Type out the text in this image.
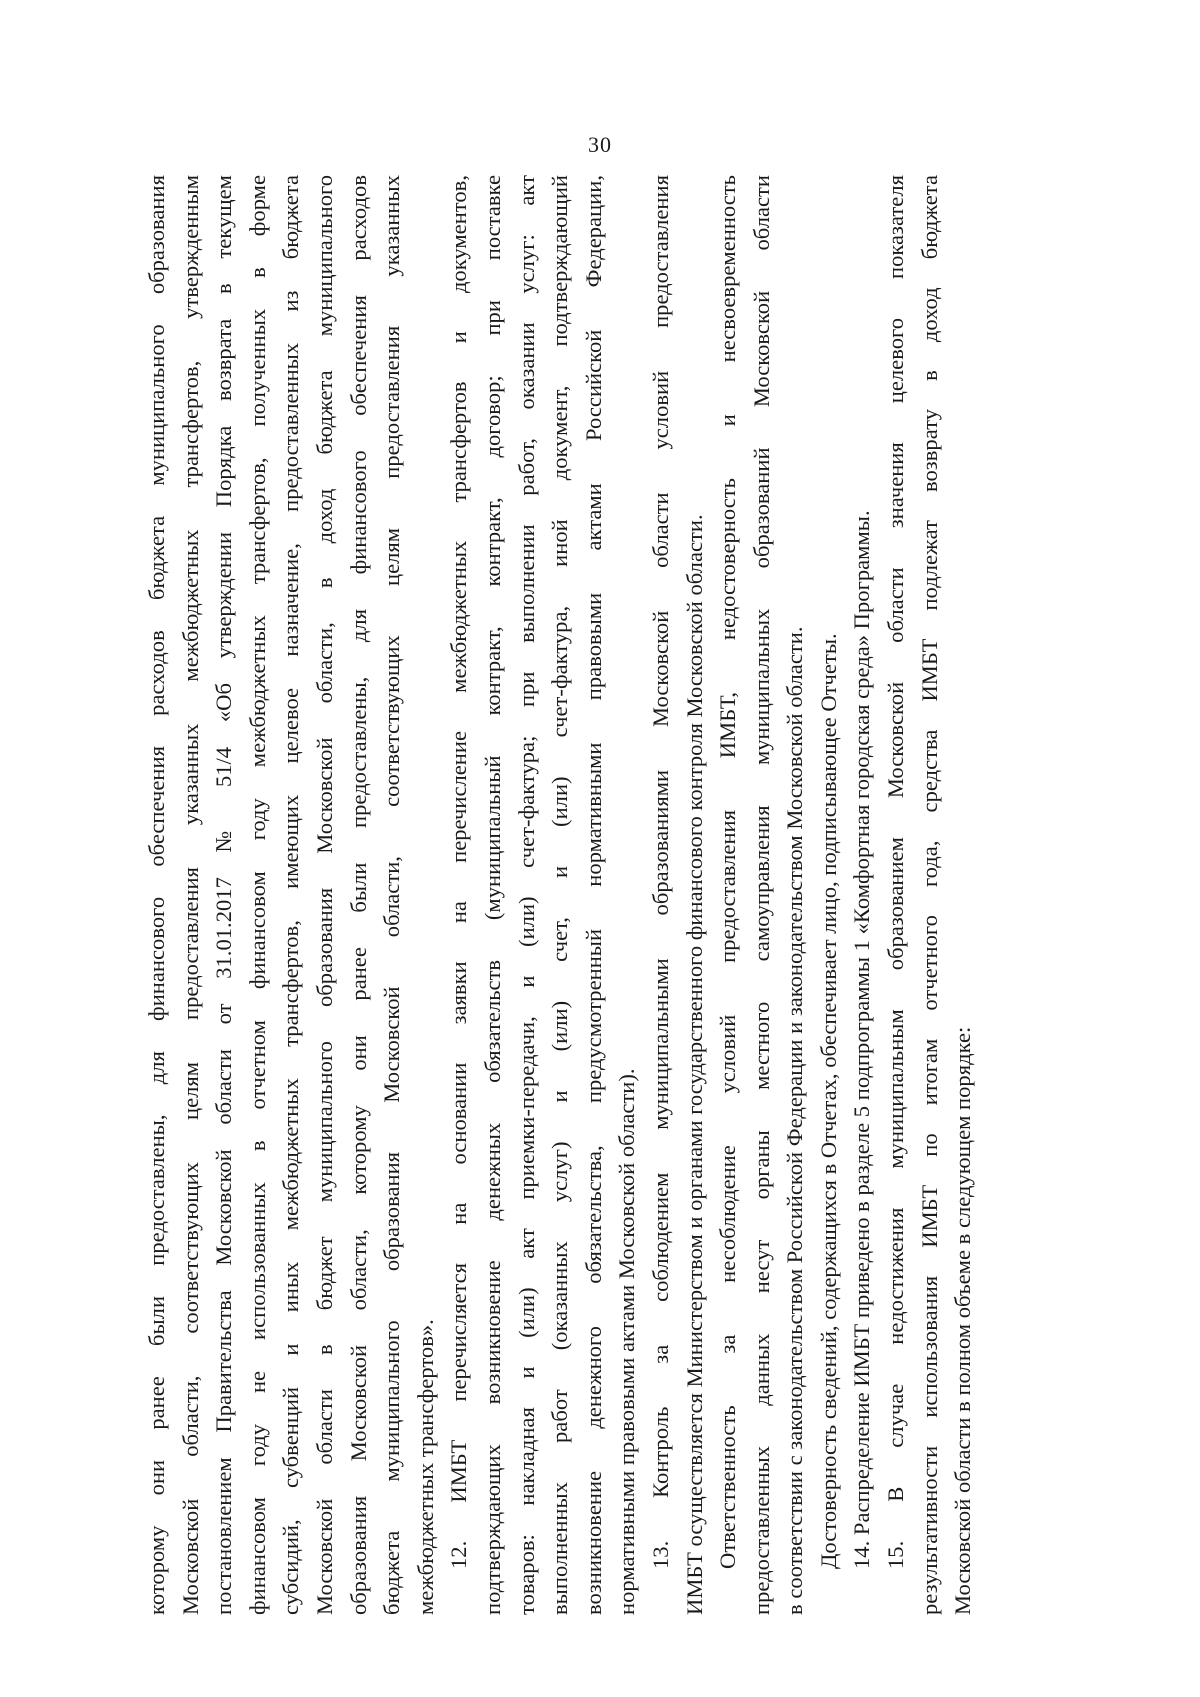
30
которому они ранее были предоставлены, для финансового обеспечения расходов бюджета муниципального образования Московской области, соответствующих целям предоставления указанных межбюджетных трансфертов, утвержденным постановлением Правительства Московской области от 31.01.2017 № 51/4 «Об утверждении Порядка возврата в текущем финансовом году не использованных в отчетном финансовом году межбюджетных трансфертов, полученных в форме субсидий, субвенций и иных межбюджетных трансфертов, имеющих целевое назначение, предоставленных из бюджета Московской области в бюджет муниципального образования Московской области, в доход бюджета муниципального образования Московской области, которому они ранее были предоставлены, для финансового обеспечения расходов бюджета муниципального образования Московской области, соответствующих целям предоставления указанных межбюджетных трансфертов». 12. ИМБТ перечисляется на основании заявки на перечисление межбюджетных трансфертов и документов, подтверждающих возникновение денежных обязательств (муниципальный контракт, контракт, договор; при поставке товаров: накладная и (или) акт приемки-передачи, и (или) счет-фактура; при выполнении работ, оказании услуг: акт выполненных работ (оказанных услуг) и (или) счет, и (или) счет-фактура, иной документ, подтверждающий возникновение денежного обязательства, предусмотренный нормативными правовыми актами Российской Федерации, нормативными правовыми актами Московской области). 13. Контроль за соблюдением муниципальными образованиями Московской области условий предоставления ИМБТ осуществляется Министерством и органами государственного финансового контроля Московской области. Ответственность за несоблюдение условий предоставления ИМБТ, недостоверность и несвоевременность предоставленных данных несут органы местного самоуправления муниципальных образований Московской области в соответствии с законодательством Российской Федерации и законодательством Московской области. Достоверность сведений, содержащихся в Отчетах, обеспечивает лицо, подписывающее Отчеты. 14. Распределение ИМБТ приведено в разделе 5 подпрограммы 1 «Комфортная городская среда» Программы. 15. В случае недостижения муниципальным образованием Московской области значения целевого показателя результативности использования ИМБТ по итогам отчетного года, средства ИМБТ подлежат возврату в доход бюджета Московской области в полном объеме в следующем порядке:
